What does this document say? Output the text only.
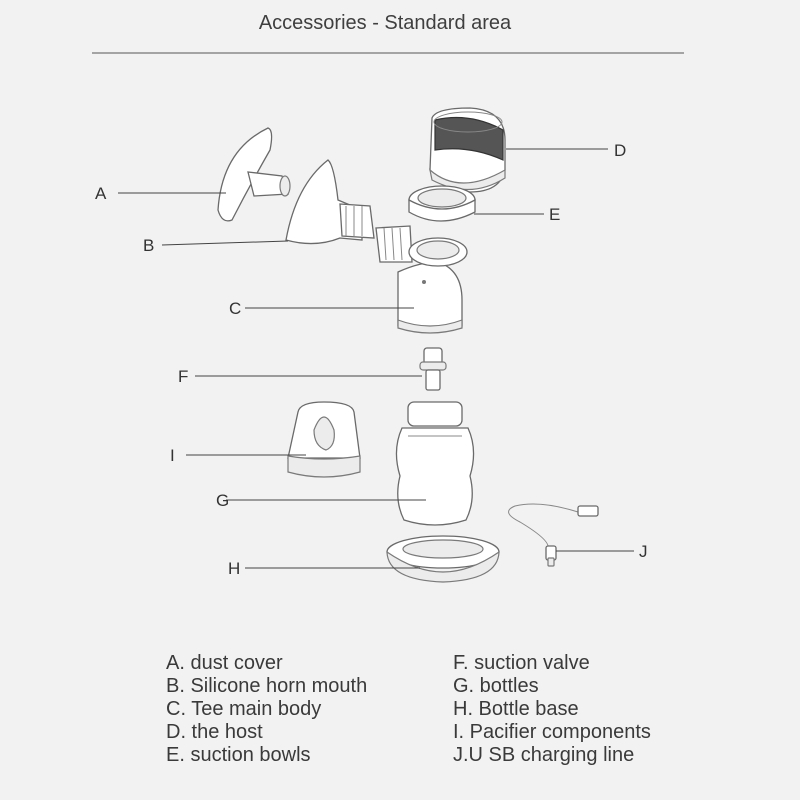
Accessories - Standard area
A
B
C
D
E
F
G
H
I
J
A. dust cover
B. Silicone horn mouth
C. Tee main body
D. the host
E. suction bowls
F. suction valve
G. bottles
H. Bottle base
I. Pacifier components
J.U SB charging line
